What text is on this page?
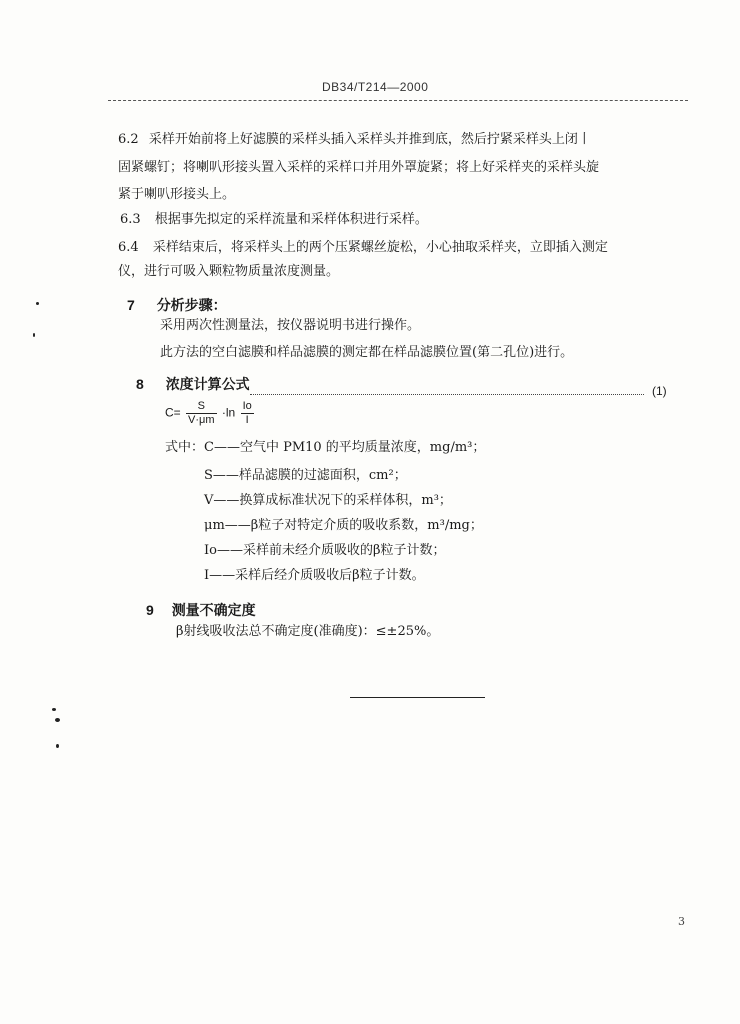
DB34/T214—2000
6.2 采样开始前将上好滤膜的采样头插入采样头并推到底，然后拧紧采样头上闭丨
固紧螺钉；将喇叭形接头置入采样的采样口并用外罩旋紧；将上好采样夹的采样头旋
紧于喇叭形接头上。
6.3 根据事先拟定的采样流量和采样体积进行采样。
6.4 采样结束后，将采样头上的两个压紧螺丝旋松，小心抽取采样夹，立即插入测定
仪，进行可吸入颗粒物质量浓度测量。
7 分析步骤：
采用两次性测量法，按仪器说明书进行操作。
此方法的空白滤膜和样品滤膜的测定都在样品滤膜位置(第二孔位)进行。
8 浓度计算公式
$C= \frac{S}{V\cdot\mu m} \cdot\ln \frac{Io}{I}$
(1)
式中：C——空气中 PM10 的平均质量浓度，mg/m³；
S——样品滤膜的过滤面积，cm²；
V——换算成标准状况下的采样体积，m³；
μm——β粒子对特定介质的吸收系数，m³/mg；
Io——采样前未经介质吸收的β粒子计数；
I——采样后经介质吸收后β粒子计数。
9 测量不确定度
β射线吸收法总不确定度(准确度)：≤±25%。
3
